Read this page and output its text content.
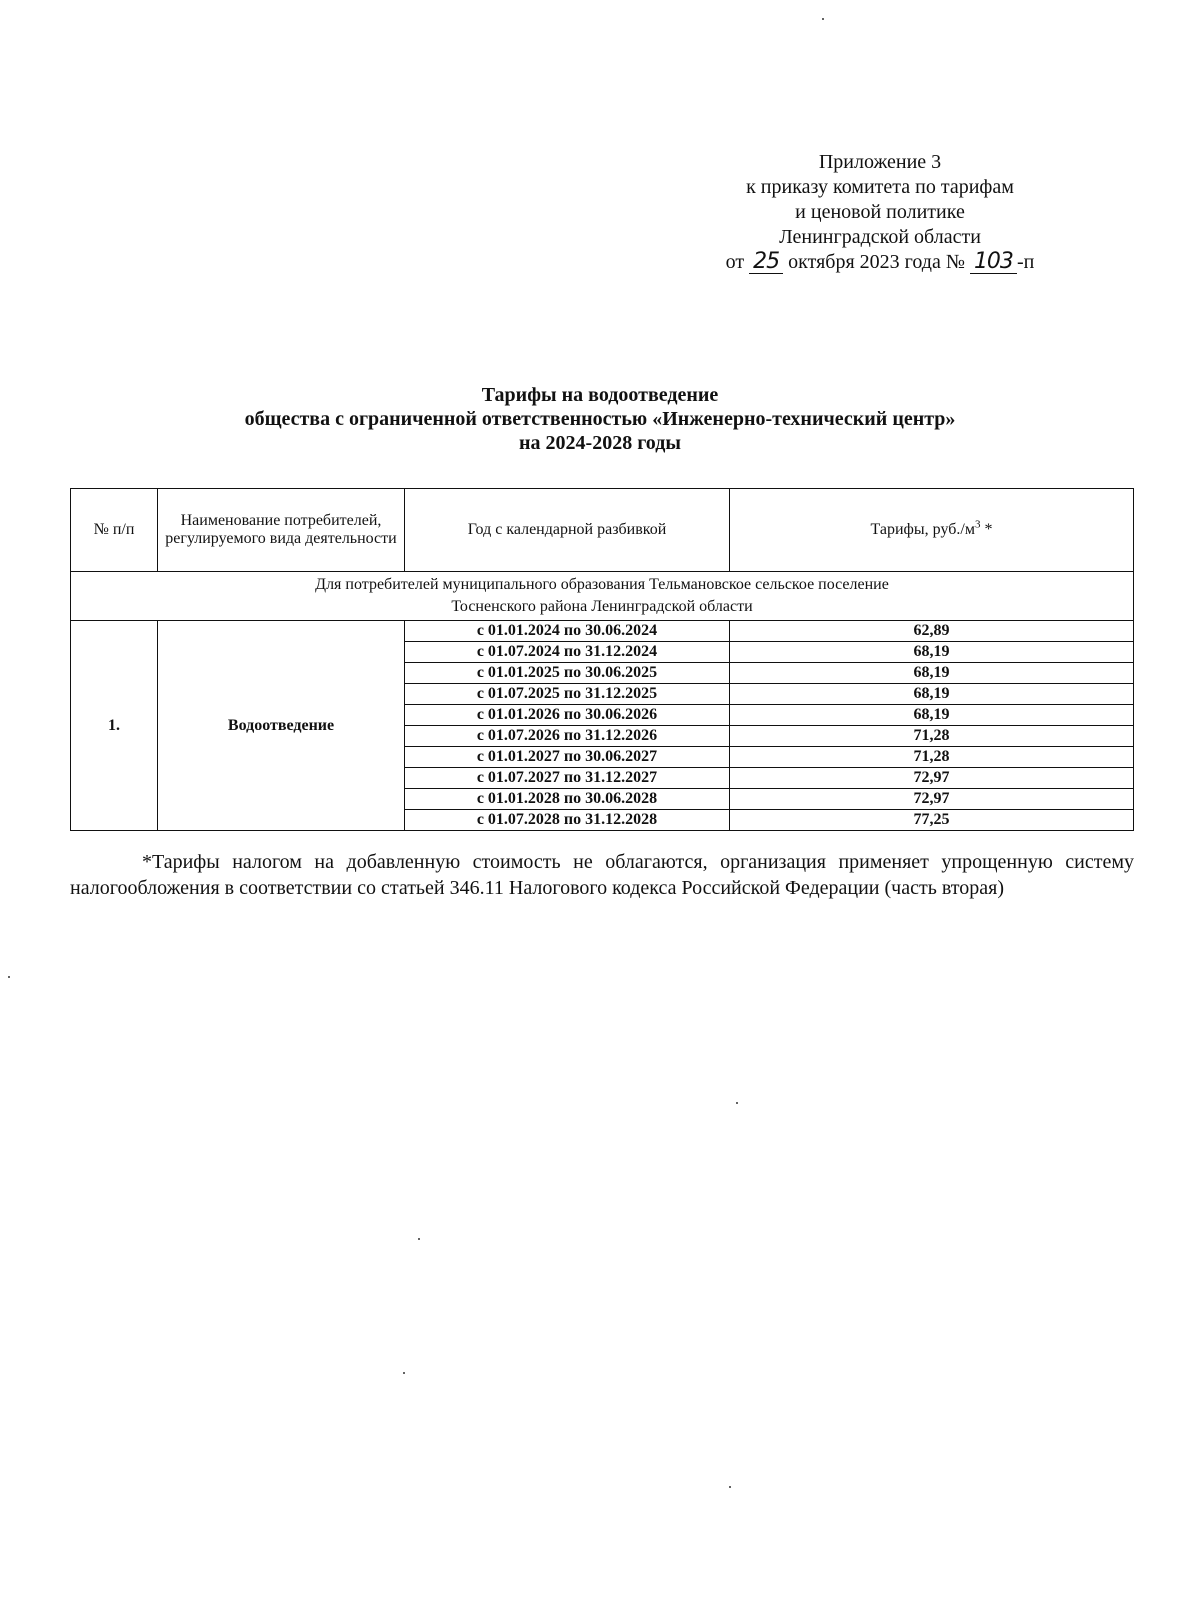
Приложение 3
к приказу комитета по тарифам
и ценовой политике
Ленинградской области
от 25 октября 2023 года № 103 -п
Тарифы на водоотведение
общества с ограниченной ответственностью «Инженерно-технический центр»
на 2024-2028 годы
№ п/п	Наименование потребителей, регулируемого вида деятельности	Год с календарной разбивкой	Тарифы, $руб./м^3$ *
Для потребителей муниципального образования Тельмановское сельское поселение
Тосненского района Ленинградской области			
1.	Водоотведение	с 01.01.2024 по 30.06.2024	62,89
		с 01.07.2024 по 31.12.2024	68,19
		с 01.01.2025 по 30.06.2025	68,19
		с 01.07.2025 по 31.12.2025	68,19
		с 01.01.2026 по 30.06.2026	68,19
		с 01.07.2026 по 31.12.2026	71,28
		с 01.01.2027 по 30.06.2027	71,28
		с 01.07.2027 по 31.12.2027	72,97
		с 01.01.2028 по 30.06.2028	72,97
		с 01.07.2028 по 31.12.2028	77,25
*Тарифы налогом на добавленную стоимость не облагаются, организация применяет упрощенную систему налогообложения в соответствии со статьей 346.11 Налогового кодекса Российской Федерации (часть вторая)
